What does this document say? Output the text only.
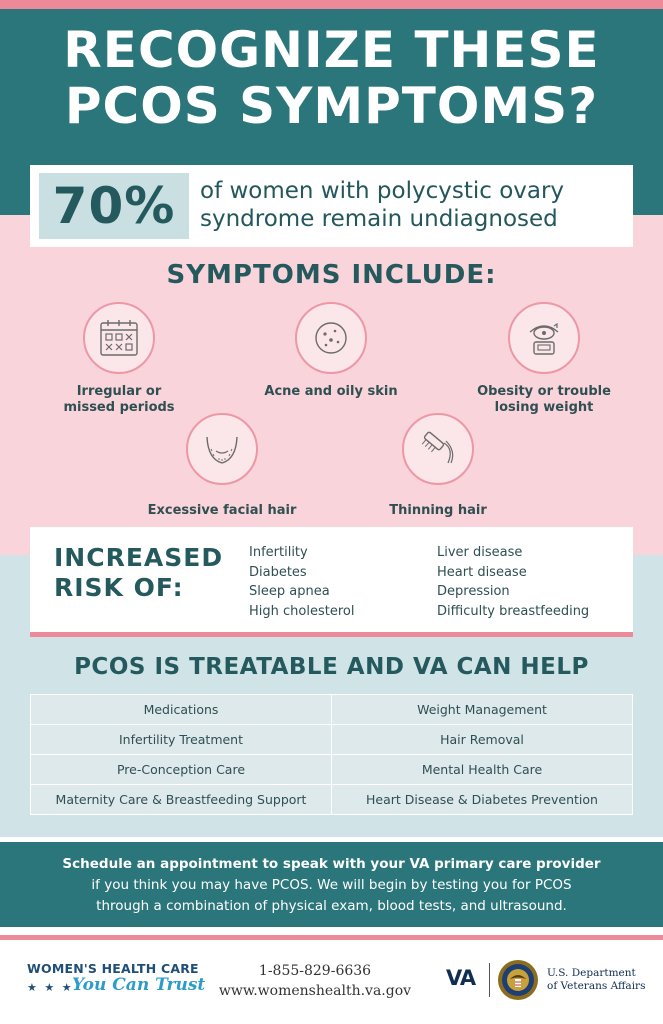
RECOGNIZE THESE
PCOS SYMPTOMS?
70%	of women with polycystic ovary
syndrome remain undiagnosed
SYMPTOMS INCLUDE:
Irregular or
missed periods
Acne and oily skin	Obesity or trouble
losing weight
Excessive facial hair	Thinning hair
INCREASED
RISK OF:
Infertility
Diabetes
Sleep apnea
High cholesterol
Liver disease
Heart disease
Depression
Difficulty breastfeeding
PCOS IS TREATABLE AND VA CAN HELP
Medications	Weight Management
Infertility Treatment	Hair Removal
Pre-Conception Care	Mental Health Care
Maternity Care & Breastfeeding Support	Heart Disease & Diabetes Prevention
Schedule an appointment to speak with your VA primary care provider
if you think you may have PCOS. We will begin by testing you for PCOS
through a combination of physical exam, blood tests, and ultrasound.
WOMEN'S HEALTH CARE
★ ★ ★
You Can Trust
1-855-829-6636
www.womenshealth.va.gov
VA	U.S. Department
of Veterans Affairs
